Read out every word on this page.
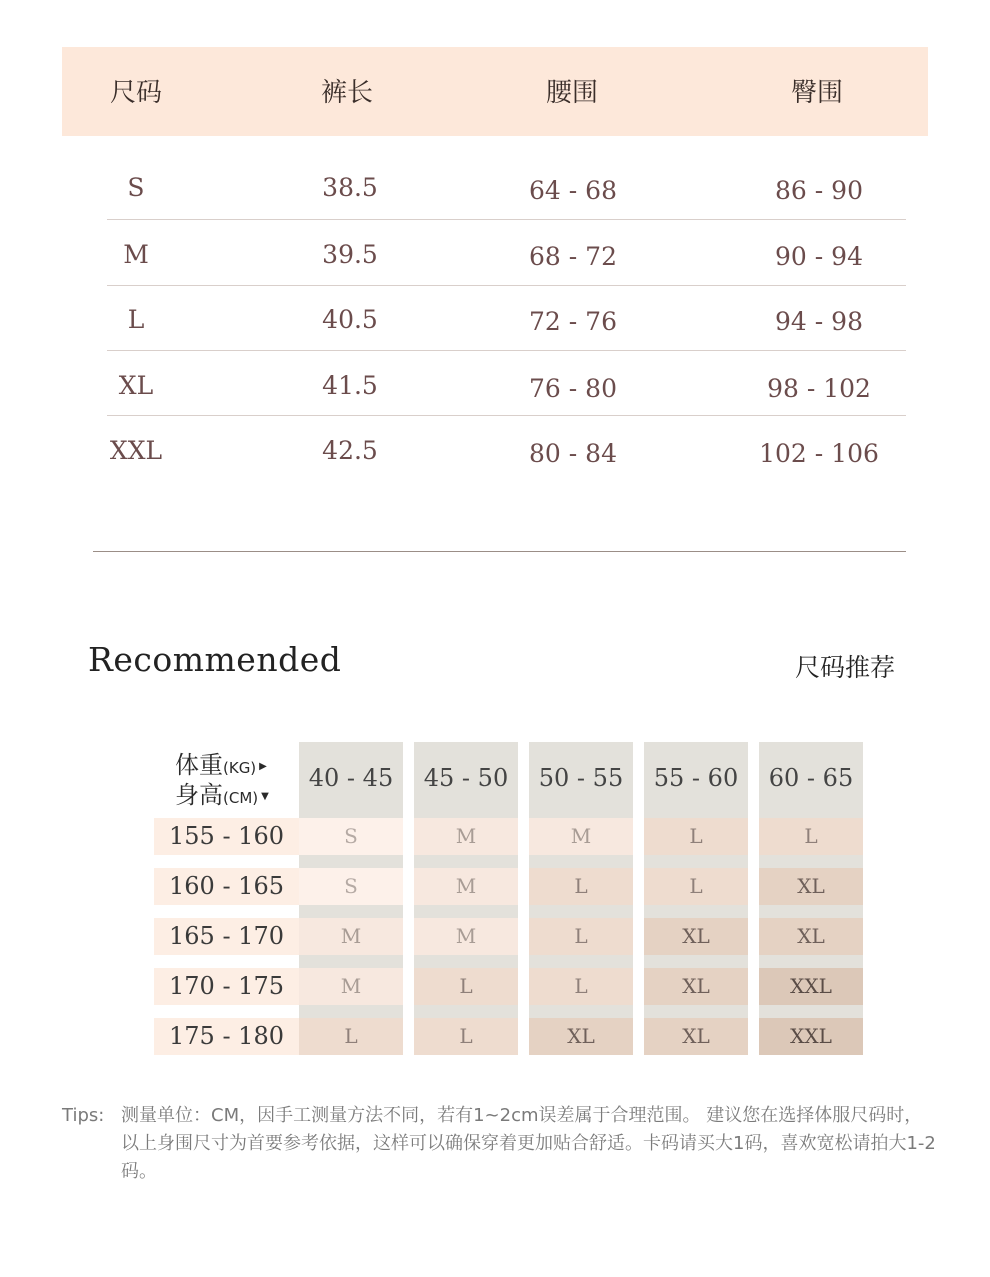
尺码	裤长	腰围	臀围
S	38.5	64 - 68	86 - 90
M	39.5	68 - 72	90 - 94
L	40.5	72 - 76	94 - 98
XL	41.5	76 - 80	98 - 102
XXL	42.5	80 - 84	102 - 106
Recommended	尺码推荐
体重(KG) ▶
身高(CM) ▼
40 - 45	45 - 50	50 - 55	55 - 60	60 - 65
155 - 160	S	M	M	L	L
160 - 165	S	M	L	L	XL
165 - 170	M	M	L	XL	XL
170 - 175	M	L	L	XL	XXL
175 - 180	L	L	XL	XL	XXL
Tips: 测量单位：CM，因手工测量方法不同，若有1~2cm误差属于合理范围。 建议您在选择体服尺码时，以上身围尺寸为首要参考依据，这样可以确保穿着更加贴合舒适。卡码请买大1码，喜欢宽松请拍大1-2码。
